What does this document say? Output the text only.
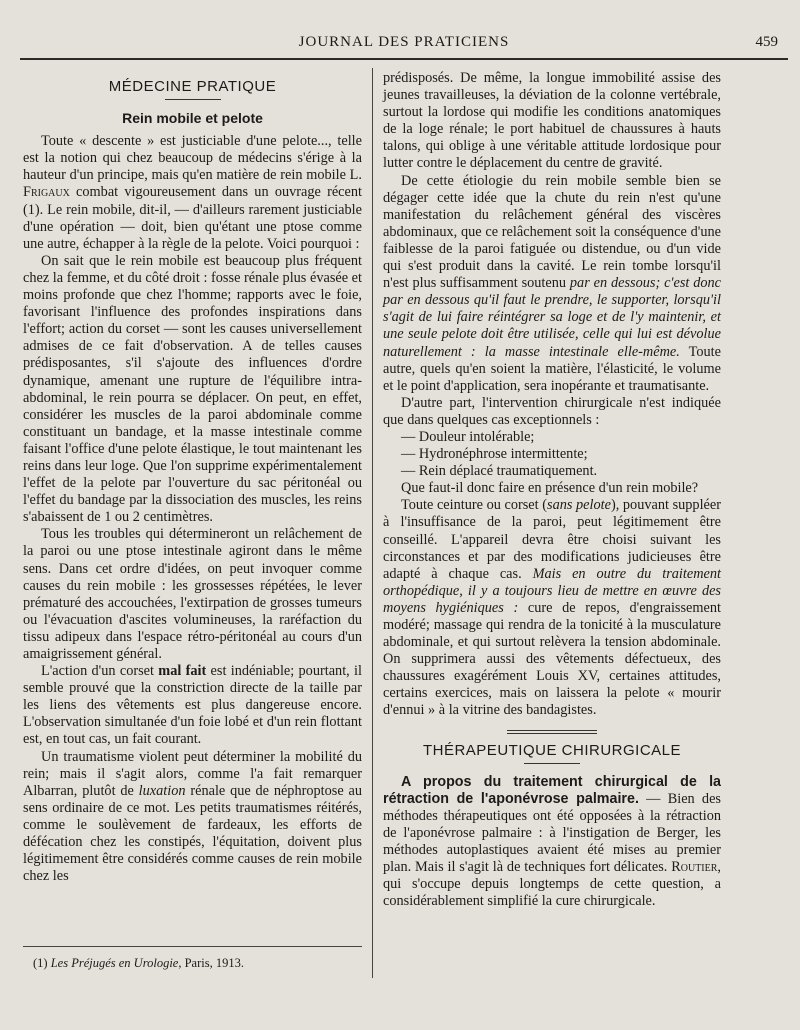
JOURNAL DES PRATICIENS	459
MÉDECINE PRATIQUE
Rein mobile et pelote

Toute « descente » est justiciable d'une pelote..., telle est la notion qui chez beaucoup de médecins s'érige à la hauteur d'un principe, mais qu'en matière de rein mobile L. Frigaux combat vigoureusement dans un ouvrage récent (1). Le rein mobile, dit-il, — d'ailleurs rarement justiciable d'une opération — doit, bien qu'étant une ptose comme une autre, échapper à la règle de la pelote. Voici pourquoi :

On sait que le rein mobile est beaucoup plus fréquent chez la femme, et du côté droit : fosse rénale plus évasée et moins profonde que chez l'homme; rapports avec le foie, favorisant l'influence des profondes inspirations dans l'effort; action du corset — sont les causes universellement admises de ce fait d'observation. A de telles causes prédisposantes, s'il s'ajoute des influences d'ordre dynamique, amenant une rupture de l'équilibre intra-abdominal, le rein pourra se déplacer. On peut, en effet, considérer les muscles de la paroi abdominale comme constituant un bandage, et la masse intestinale comme faisant l'office d'une pelote élastique, le tout maintenant les reins dans leur loge. Que l'on supprime expérimentalement l'effet de la pelote par l'ouverture du sac péritonéal ou l'effet du bandage par la dissociation des muscles, les reins s'abaissent de 1 ou 2 centimètres.

Tous les troubles qui détermineront un relâchement de la paroi ou une ptose intestinale agiront dans le même sens. Dans cet ordre d'idées, on peut invoquer comme causes du rein mobile : les grossesses répétées, le lever prématuré des accouchées, l'extirpation de grosses tumeurs ou l'évacuation d'ascites volumineuses, la raréfaction du tissu adipeux dans l'espace rétro-péritonéal au cours d'un amaigrissement général.

L'action d'un corset mal fait est indéniable; pourtant, il semble prouvé que la constriction directe de la taille par les liens des vêtements est plus dangereuse encore. L'observation simultanée d'un foie lobé et d'un rein flottant est, en tout cas, un fait courant.

Un traumatisme violent peut déterminer la mobilité du rein; mais il s'agit alors, comme l'a fait remarquer Albarran, plutôt de luxation rénale que de néphroptose au sens ordinaire de ce mot. Les petits traumatismes réitérés, comme le soulèvement de fardeaux, les efforts de défécation chez les constipés, l'équitation, doivent plus légitimement être considérés comme causes de rein mobile chez les

(1) Les Préjugés en Urologie, Paris, 1913.

prédisposés. De même, la longue immobilité assise des jeunes travailleuses, la déviation de la colonne vertébrale, surtout la lordose qui modifie les conditions anatomiques de la loge rénale; le port habituel de chaussures à hauts talons, qui oblige à une véritable attitude lordosique pour lutter contre le déplacement du centre de gravité.

De cette étiologie du rein mobile semble bien se dégager cette idée que la chute du rein n'est qu'une manifestation du relâchement général des viscères abdominaux, que ce relâchement soit la conséquence d'une faiblesse de la paroi fatiguée ou distendue, ou d'un vide qui s'est produit dans la cavité. Le rein tombe lorsqu'il n'est plus suffisamment soutenu par en dessous; c'est donc par en dessous qu'il faut le prendre, le supporter, lorsqu'il s'agit de lui faire réintégrer sa loge et de l'y maintenir, et une seule pelote doit être utilisée, celle qui lui est dévolue naturellement : la masse intestinale elle-même. Toute autre, quels qu'en soient la matière, l'élasticité, le volume et le point d'application, sera inopérante et traumatisante.

D'autre part, l'intervention chirurgicale n'est indiquée que dans quelques cas exceptionnels :

— Douleur intolérable;

— Hydronéphrose intermittente;

— Rein déplacé traumatiquement.

Que faut-il donc faire en présence d'un rein mobile?

Toute ceinture ou corset (sans pelote), pouvant suppléer à l'insuffisance de la paroi, peut légitimement être conseillé. L'appareil devra être choisi suivant les circonstances et par des modifications judicieuses être adapté à chaque cas. Mais en outre du traitement orthopédique, il y a toujours lieu de mettre en œuvre des moyens hygiéniques : cure de repos, d'engraissement modéré; massage qui rendra de la tonicité à la musculature abdominale, et qui surtout relèvera la tension abdominale. On supprimera aussi des vêtements défectueux, des chaussures exagérément Louis XV, certaines attitudes, certains exercices, mais on laissera la pelote « mourir d'ennui » à la vitrine des bandagistes.

THÉRAPEUTIQUE CHIRURGICALE

A propos du traitement chirurgical de la rétraction de l'aponévrose palmaire. — Bien des méthodes thérapeutiques ont été opposées à la rétraction de l'aponévrose palmaire : à l'instigation de Berger, les méthodes autoplastiques avaient été mises au premier plan. Mais il s'agit là de techniques fort délicates. Routier, qui s'occupe depuis longtemps de cette question, a considérablement simplifié la cure chirurgicale.
